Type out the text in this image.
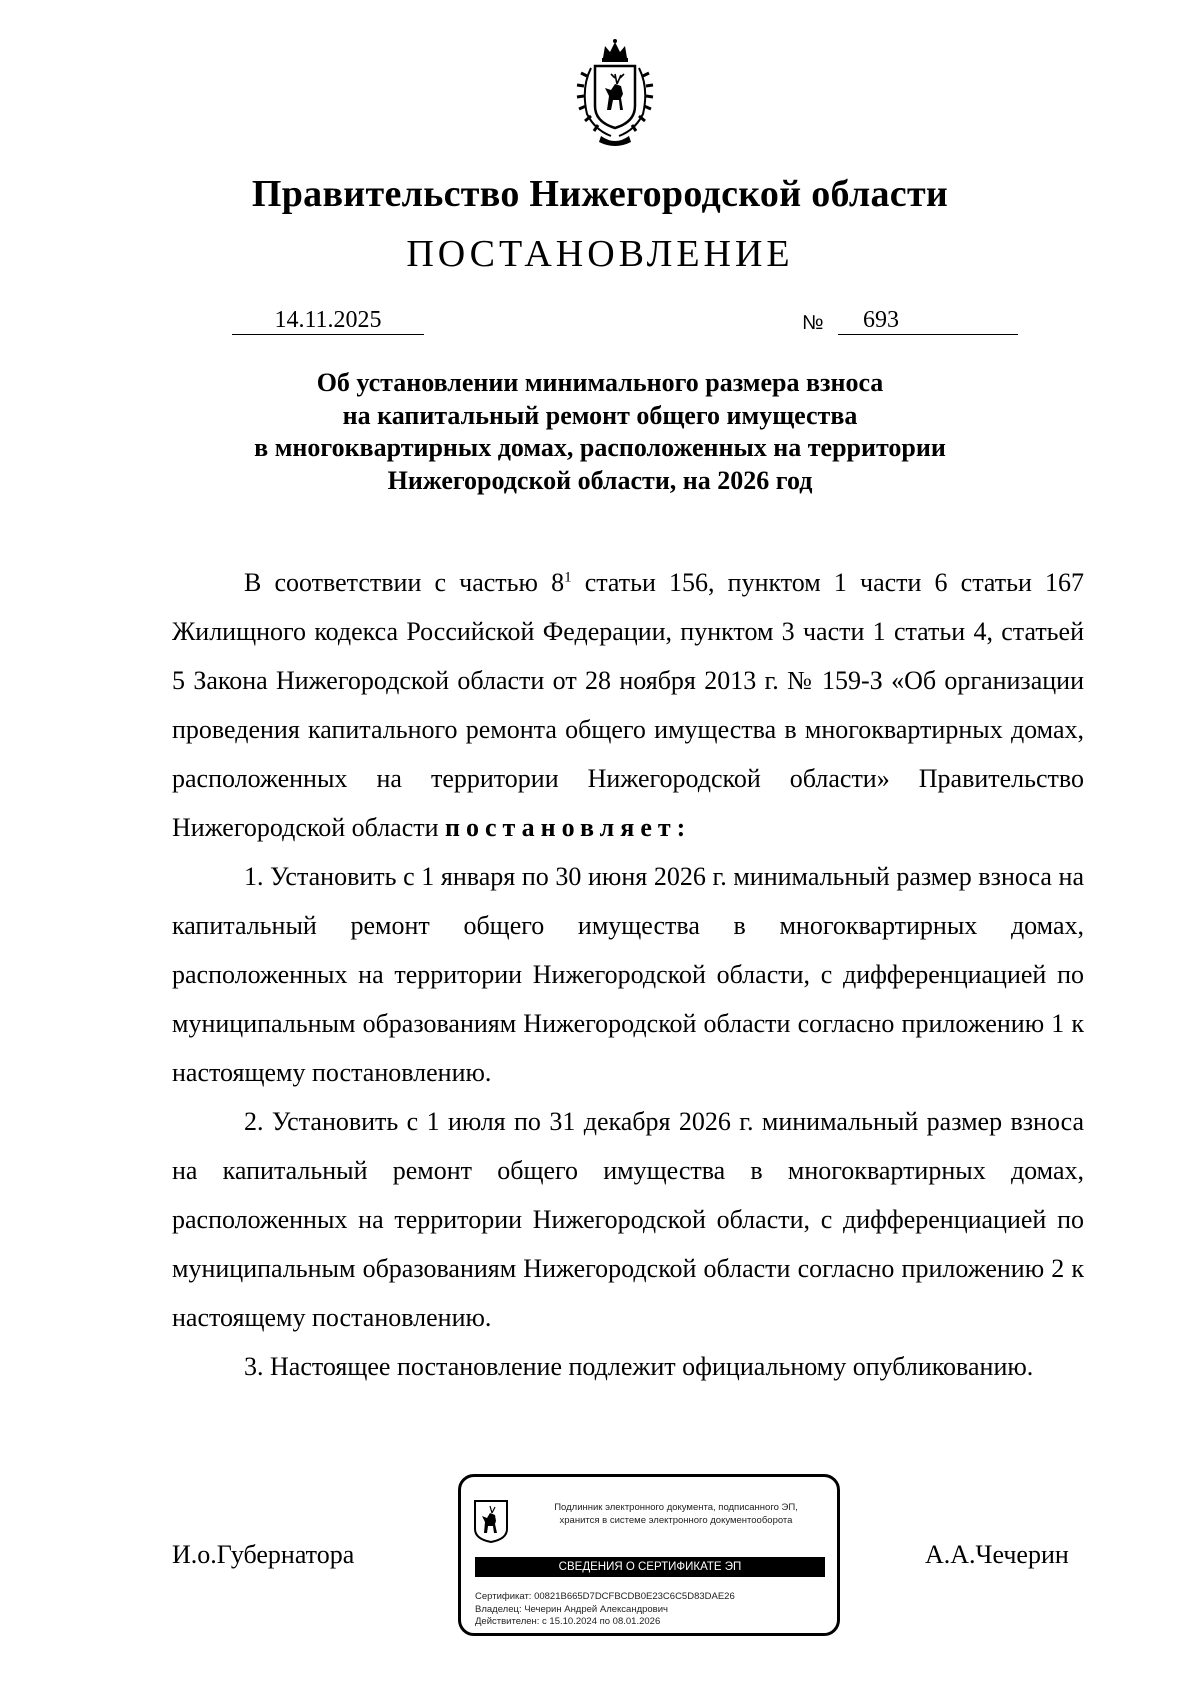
Правительство Нижегородской области
ПОСТАНОВЛЕНИЕ
14.11.2025	№	693
Об установлении минимального размера взноса
на капитальный ремонт общего имущества
в многоквартирных домах, расположенных на территории
Нижегородской области, на 2026 год

В соответствии с частью $8^1$ статьи 156, пунктом 1 части 6 статьи 167 Жилищного кодекса Российской Федерации, пунктом 3 части 1 статьи 4, статьей 5 Закона Нижегородской области от 28 ноября 2013 г. № 159-З «Об организации проведения капитального ремонта общего имущества в многоквартирных домах, расположенных на территории Нижегородской области» Правительство Нижегородской области постановляет:

1. Установить с 1 января по 30 июня 2026 г. минимальный размер взноса на капитальный ремонт общего имущества в многоквартирных домах, расположенных на территории Нижегородской области, с дифференциацией по муниципальным образованиям Нижегородской области согласно приложению 1 к настоящему постановлению.

2. Установить с 1 июля по 31 декабря 2026 г. минимальный размер взноса на капитальный ремонт общего имущества в многоквартирных домах, расположенных на территории Нижегородской области, с дифференциацией по муниципальным образованиям Нижегородской области согласно приложению 2 к настоящему постановлению.

3. Настоящее постановление подлежит официальному опубликованию.

И.о.Губернатора	А.А.Чечерин
Подлинник электронного документа, подписанного ЭП,
хранится в системе электронного документооборота
СВЕДЕНИЯ О СЕРТИФИКАТЕ ЭП
Сертификат: 00821B665D7DCFBCDB0E23C6C5D83DAE26
Владелец: Чечерин Андрей Александрович
Действителен: с 15.10.2024 по 08.01.2026
